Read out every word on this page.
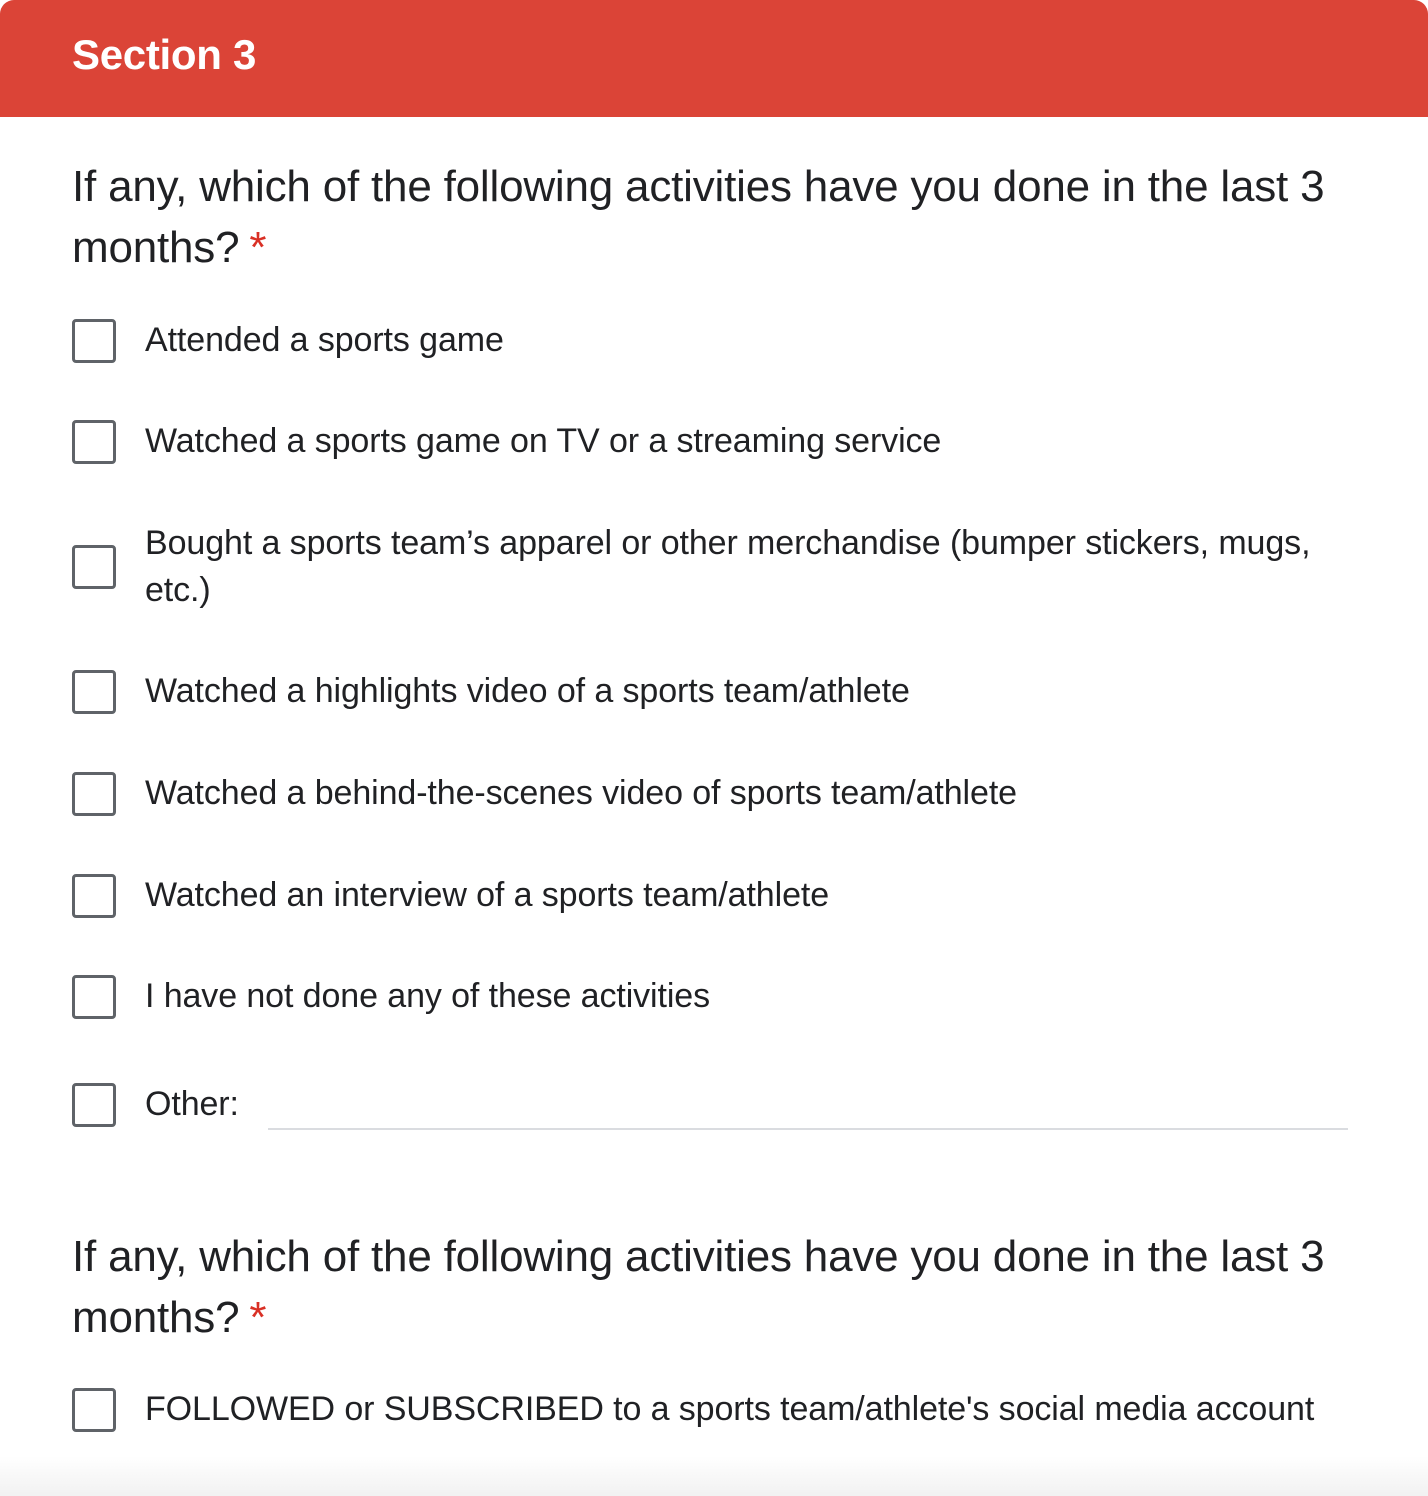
Section 3
If any, which of the following activities have you done in the last 3 months? *
Attended a sports game
Watched a sports game on TV or a streaming service
Bought a sports team’s apparel or other merchandise (bumper stickers, mugs, etc.)
Watched a highlights video of a sports team/athlete
Watched a behind-the-scenes video of sports team/athlete
Watched an interview of a sports team/athlete
I have not done any of these activities
Other:
If any, which of the following activities have you done in the last 3 months? *
FOLLOWED or SUBSCRIBED to a sports team/athlete's social media account
